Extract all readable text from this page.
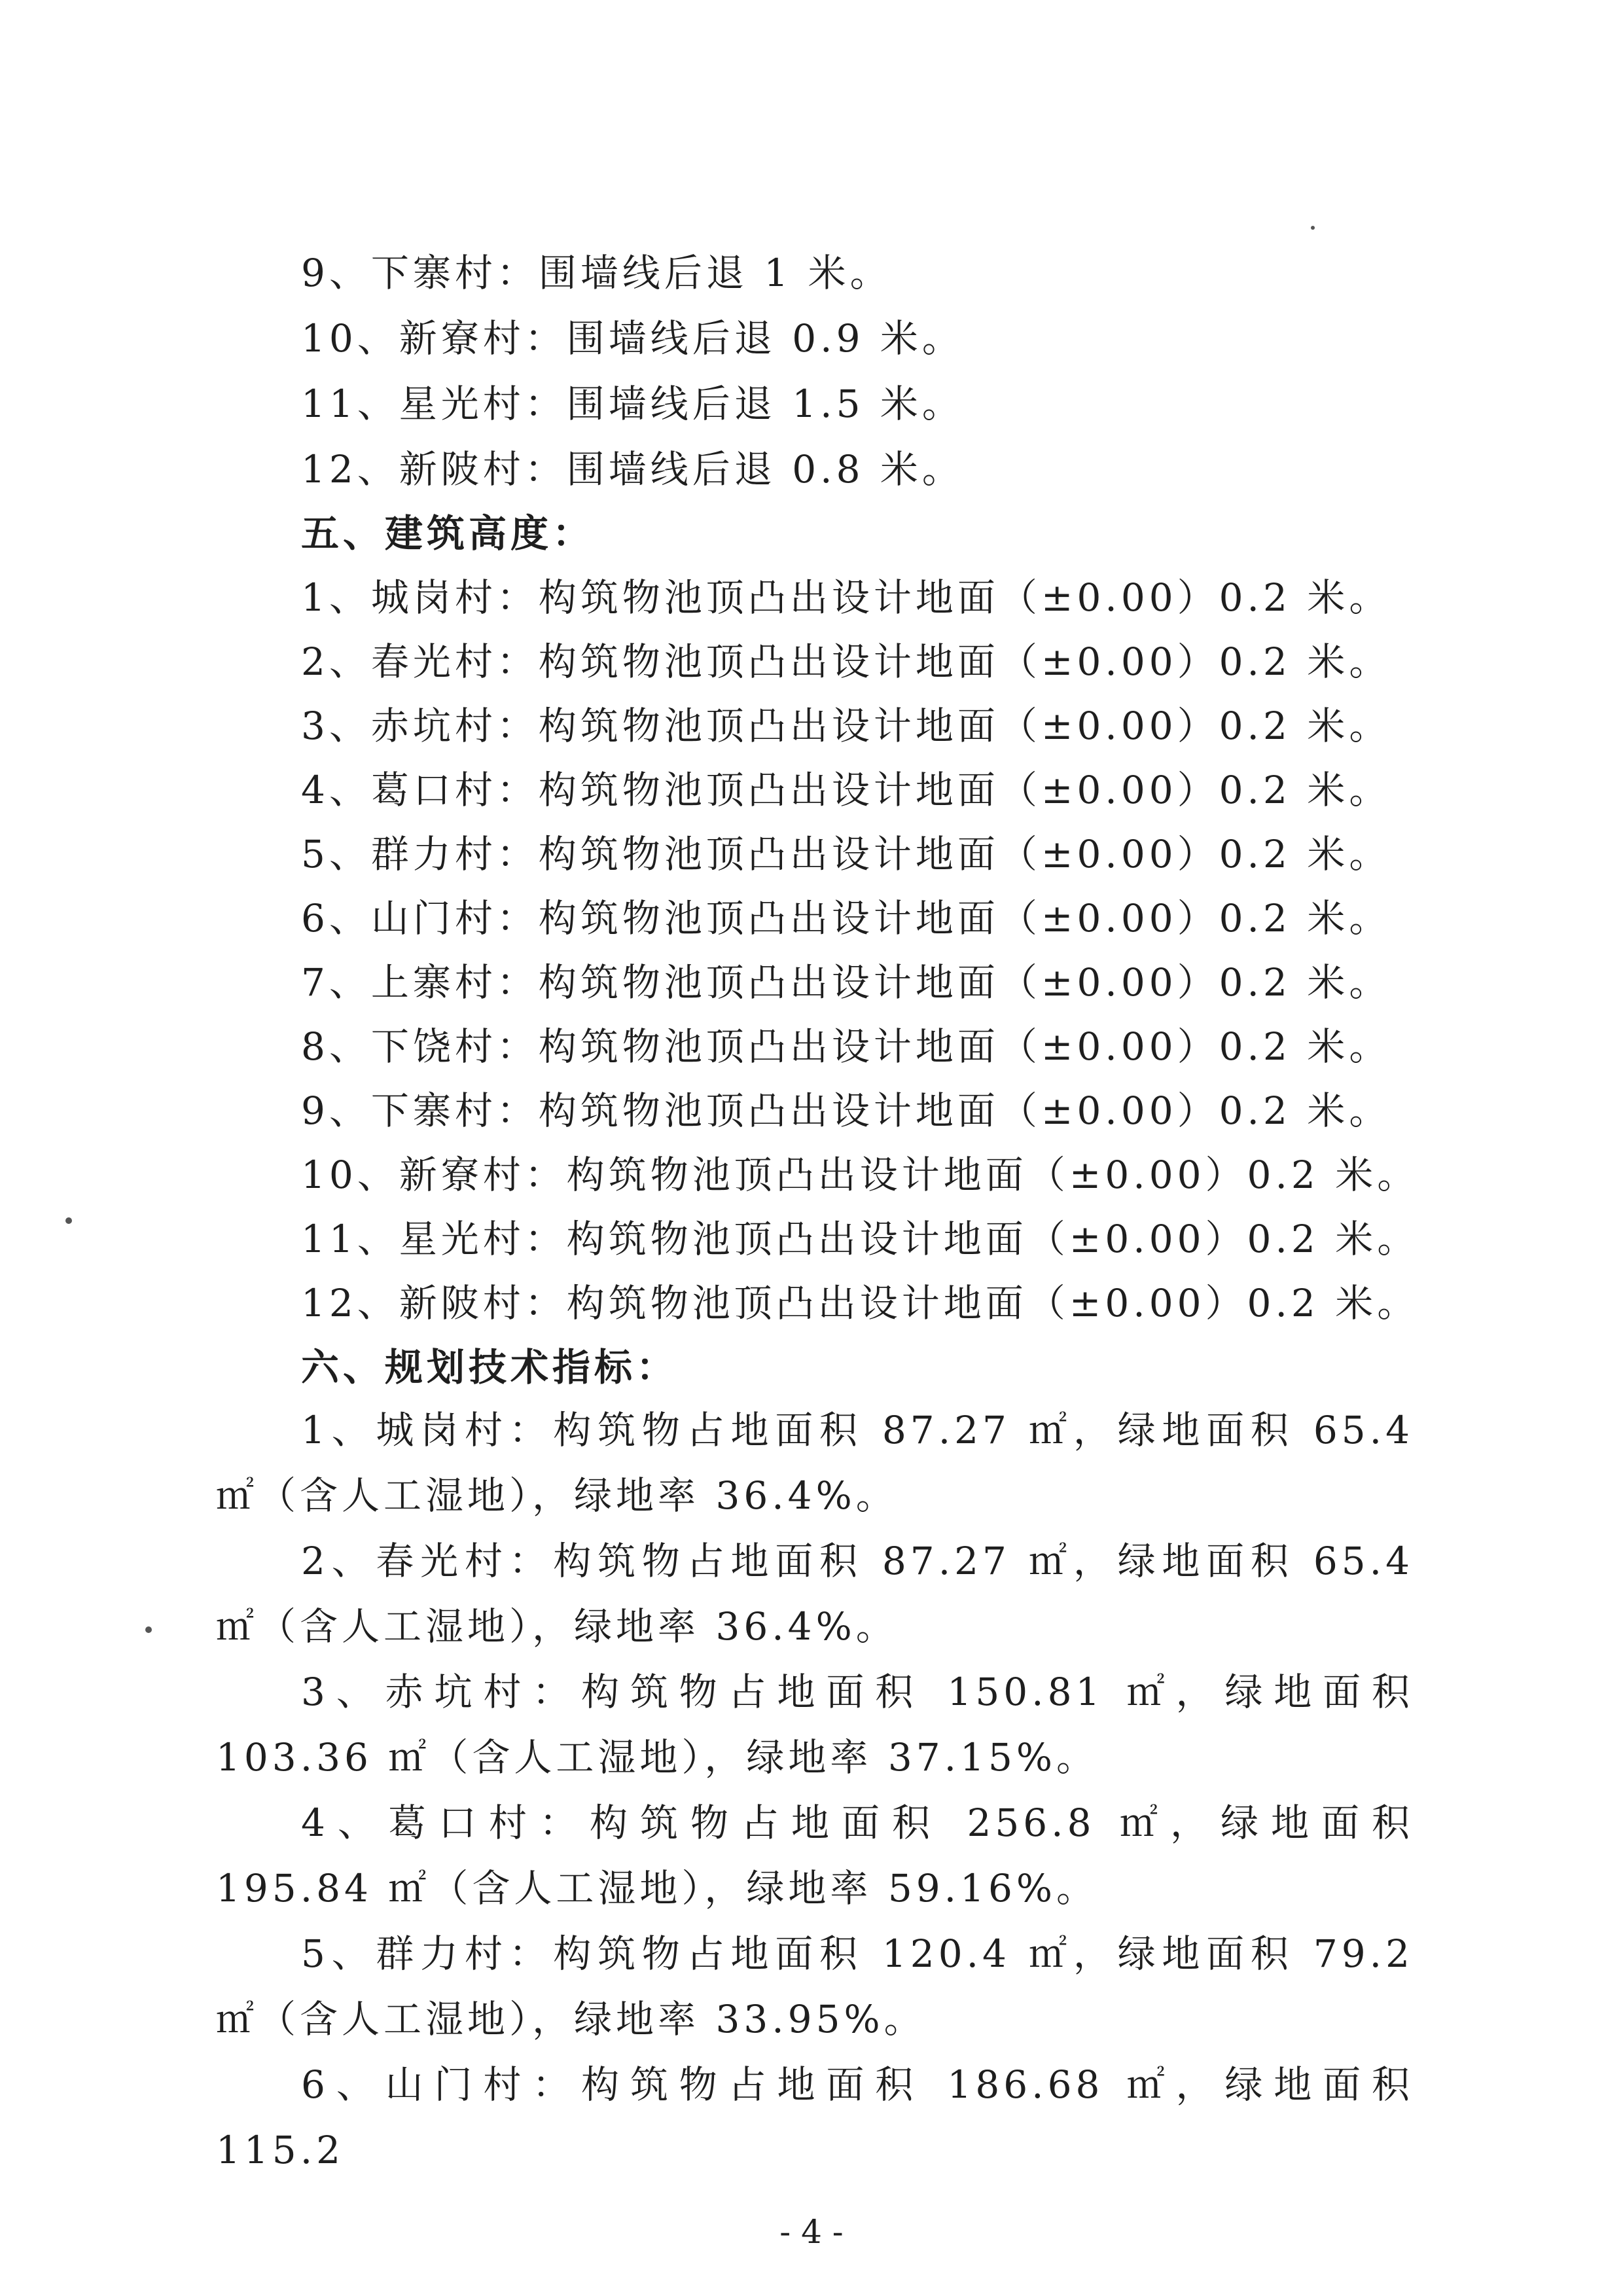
9、下寨村：围墙线后退 1 米。
10、新寮村：围墙线后退 0.9 米。
11、星光村：围墙线后退 1.5 米。
12、新陂村：围墙线后退 0.8 米。
五、建筑高度：
1、城岗村：构筑物池顶凸出设计地面（±0.00）0.2 米。
2、春光村：构筑物池顶凸出设计地面（±0.00）0.2 米。
3、赤坑村：构筑物池顶凸出设计地面（±0.00）0.2 米。
4、葛口村：构筑物池顶凸出设计地面（±0.00）0.2 米。
5、群力村：构筑物池顶凸出设计地面（±0.00）0.2 米。
6、山门村：构筑物池顶凸出设计地面（±0.00）0.2 米。
7、上寨村：构筑物池顶凸出设计地面（±0.00）0.2 米。
8、下饶村：构筑物池顶凸出设计地面（±0.00）0.2 米。
9、下寨村：构筑物池顶凸出设计地面（±0.00）0.2 米。
10、新寮村：构筑物池顶凸出设计地面（±0.00）0.2 米。
11、星光村：构筑物池顶凸出设计地面（±0.00）0.2 米。
12、新陂村：构筑物池顶凸出设计地面（±0.00）0.2 米。
六、规划技术指标：
1、城岗村：构筑物占地面积 87.27 ㎡，绿地面积 65.4 ㎡（含人工湿地），绿地率 36.4%。
2、春光村：构筑物占地面积 87.27 ㎡，绿地面积 65.4 ㎡（含人工湿地），绿地率 36.4%。
3、赤坑村：构筑物占地面积 150.81 ㎡，绿地面积 103.36 ㎡（含人工湿地），绿地率 37.15%。
4、葛口村：构筑物占地面积 256.8 ㎡，绿地面积 195.84 ㎡（含人工湿地），绿地率 59.16%。
5、群力村：构筑物占地面积 120.4 ㎡，绿地面积 79.2 ㎡（含人工湿地），绿地率 33.95%。
6、山门村：构筑物占地面积 186.68 ㎡，绿地面积 115.2
- 4 -
